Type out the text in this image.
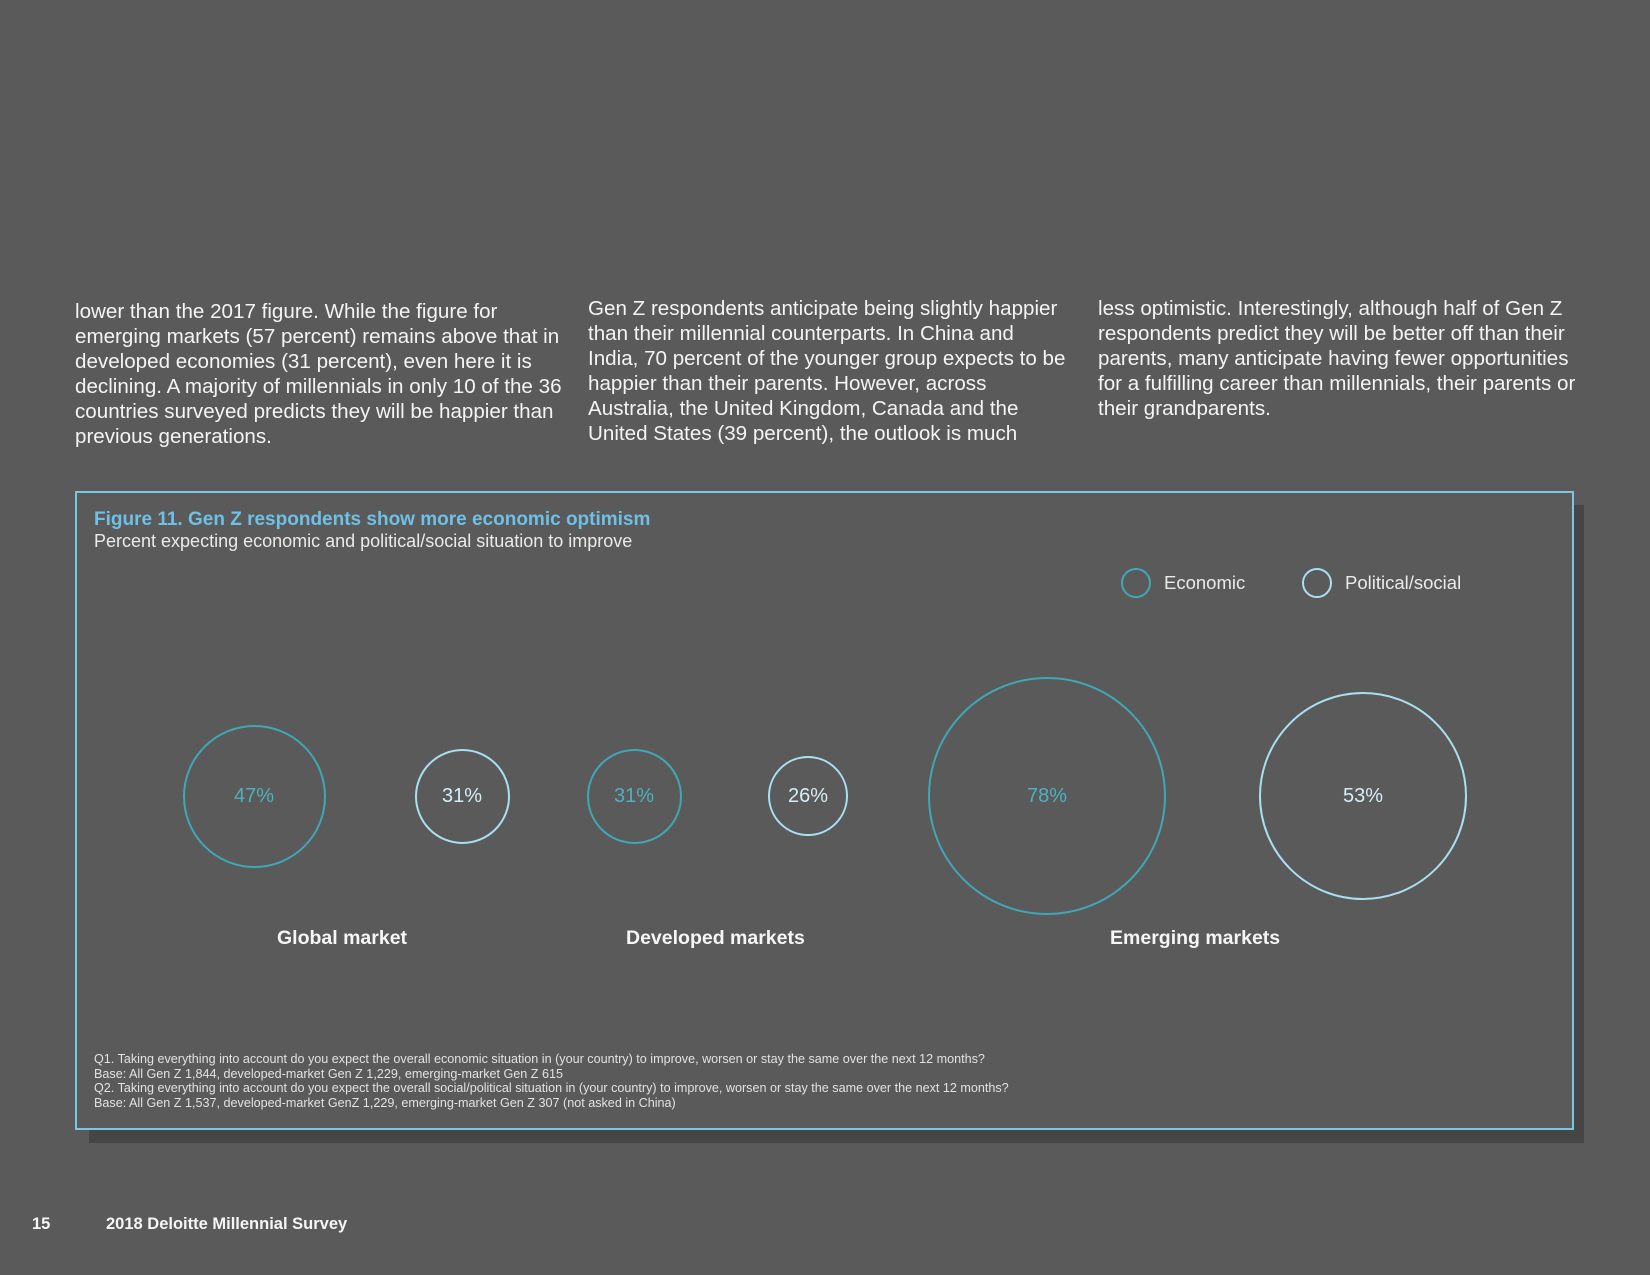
lower than the 2017 figure. While the figure for emerging markets (57 percent) remains above that in developed economies (31 percent), even here it is declining. A majority of millennials in only 10 of the 36 countries surveyed predicts they will be happier than previous generations.
Gen Z respondents anticipate being slightly happier than their millennial counterparts. In China and India, 70 percent of the younger group expects to be happier than their parents. However, across Australia, the United Kingdom, Canada and the United States (39 percent), the outlook is much
less optimistic. Interestingly, although half of Gen Z respondents predict they will be better off than their parents, many anticipate having fewer opportunities for a fulfilling career than millennials, their parents or their grandparents.
Figure 11. Gen Z respondents show more economic optimism
Percent expecting economic and political/social situation to improve
Economic	Political/social
47%	31%	31%	26%	78%	53%
Global market	Developed markets	Emerging markets
Q1. Taking everything into account do you expect the overall economic situation in (your country) to improve, worsen or stay the same over the next 12 months?
Base: All Gen Z 1,844, developed-market Gen Z 1,229, emerging-market Gen Z 615
Q2. Taking everything into account do you expect the overall social/political situation in (your country) to improve, worsen or stay the same over the next 12 months?
Base: All Gen Z 1,537, developed-market GenZ 1,229, emerging-market Gen Z 307 (not asked in China)
15	2018 Deloitte Millennial Survey
